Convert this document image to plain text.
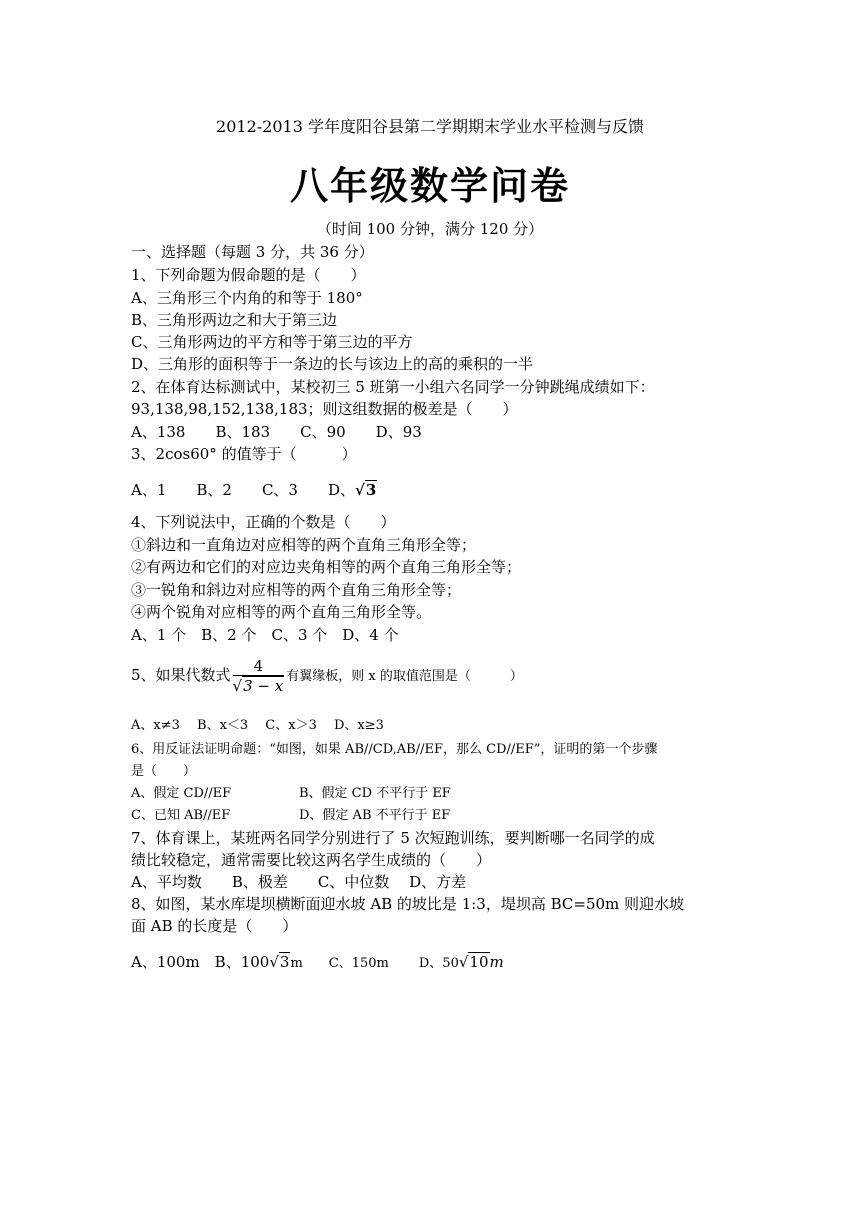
2012-2013 学年度阳谷县第二学期期末学业水平检测与反馈
八年级数学问卷
（时间 100 分钟，满分 120 分）
一、选择题（每题 3 分，共 36 分）
1、下列命题为假命题的是（　　）
A、三角形三个内角的和等于 180°
B、三角形两边之和大于第三边
C、三角形两边的平方和等于第三边的平方
D、三角形的面积等于一条边的长与该边上的高的乘积的一半
2、在体育达标测试中，某校初三 5 班第一小组六名同学一分钟跳绳成绩如下：
93,138,98,152,138,183；则这组数据的极差是（　　）
A、138　　B、183　　C、90　　D、93
3、2cos60° 的值等于（　　　）
A、1　　B、2　　C、3　　D、√3
4、下列说法中，正确的个数是（　　）
①斜边和一直角边对应相等的两个直角三角形全等；
②有两边和它们的对应边夹角相等的两个直角三角形全等；
③一锐角和斜边对应相等的两个直角三角形全等；
④两个锐角对应相等的两个直角三角形全等。
A、1 个　B、2 个　C、3 个　D、4 个
5、如果代数式 $\frac{4}{√3 - x}$ 有翼缘板，则 x 的取值范围是（　　　）
A、x≠3　 B、x＜3　 C、x＞3　 D、x≥3
6、用反证法证明命题：“如图，如果 AB//CD,AB//EF，那么 CD//EF”，证明的第一个步骤
是（　　）
A、假定 CD//EF	B、假定 CD 不平行于 EF
C、已知 AB//EF	D、假定 AB 不平行于 EF
7、体育课上，某班两名同学分别进行了 5 次短跑训练，要判断哪一名同学的成
绩比较稳定，通常需要比较这两名学生成绩的（　　）
A、平均数　　B、极差　　C、中位数　 D、方差
8、如图，某水库堤坝横断面迎水坡 AB 的坡比是 1:3，堤坝高 BC=50m 则迎水坡
面 AB 的长度是（　　）
A、100m　B、100√3m C、150m D、50√10m
